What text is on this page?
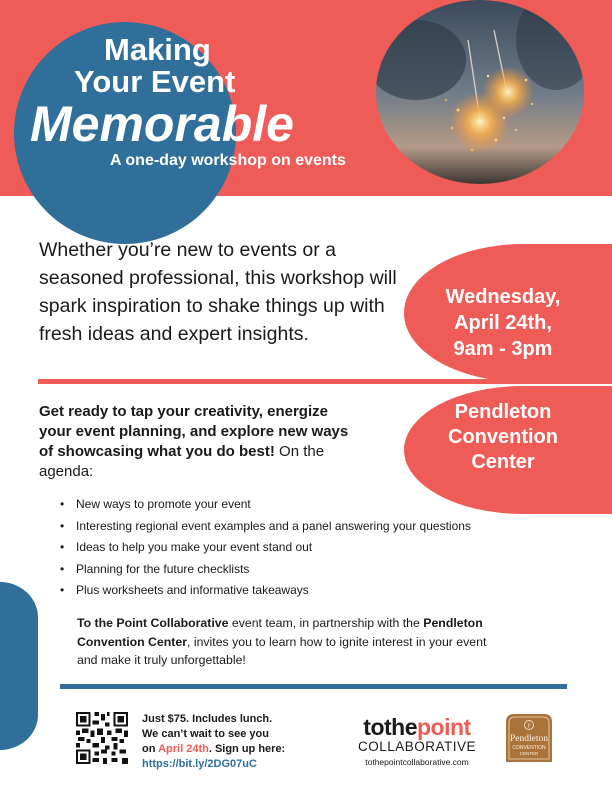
Making
Your Event
Memorable
A one-day workshop on events

Whether you’re new to events or a seasoned professional, this workshop will spark inspiration to shake things up with fresh ideas and expert insights.

Wednesday,
April 24th,
9am - 3pm
Pendleton
Convention
Center

Get ready to tap your creativity, energize your event planning, and explore new ways of showcasing what you do best! On the agenda:

• New ways to promote your event
• Interesting regional event examples and a panel answering your questions
• Ideas to help you make your event stand out
• Planning for the future checklists
• Plus worksheets and informative takeaways

To the Point Collaborative event team, in partnership with the Pendleton Convention Center, invites you to learn how to ignite interest in your event and make it truly unforgettable!

Just $75. Includes lunch.
We can’t wait to see you
on April 24th. Sign up here:
https://bit.ly/2DG07uC

tothepoint
COLLABORATIVE
tothepointcollaborative.com
P
Pendleton
CONVENTION
CENTER
